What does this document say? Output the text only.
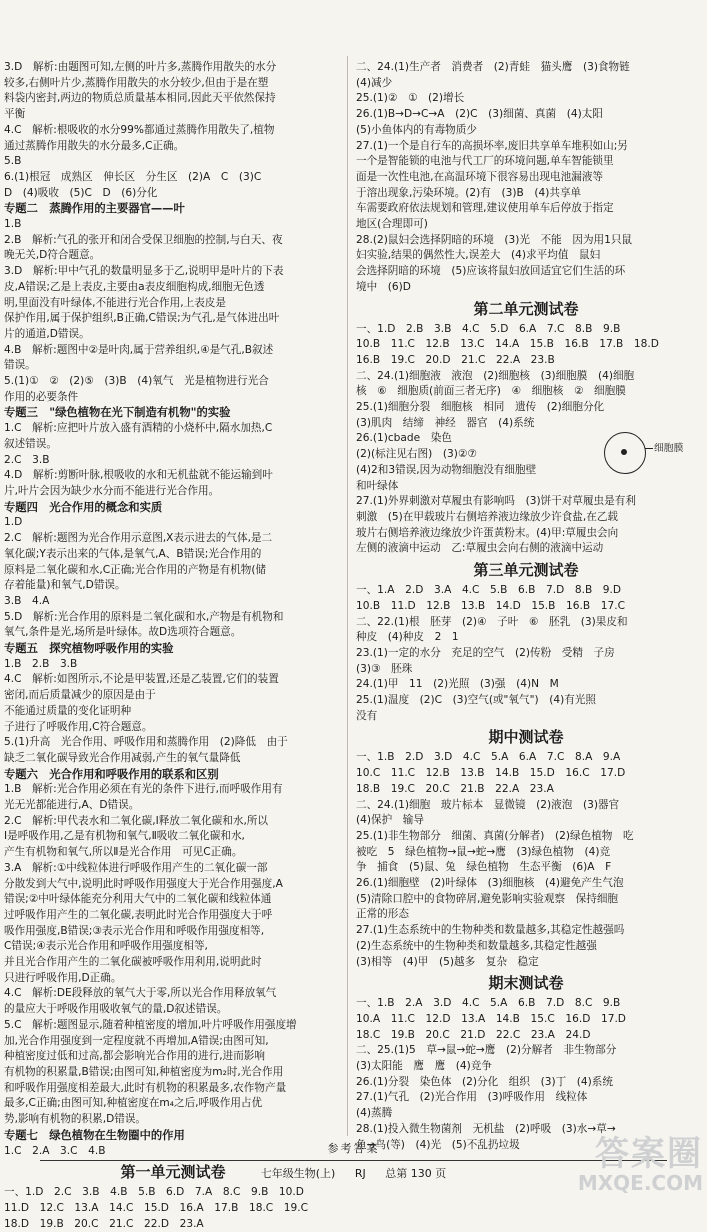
3.D　解析:由题图可知,左侧的叶片多,蒸腾作用散失的水分
较多,右侧叶片少,蒸腾作用散失的水分较少,但由于是在塑
料袋内密封,两边的物质总质量基本相同,因此天平依然保持
平衡
4.C　解析:根吸收的水分99%都通过蒸腾作用散失了,植物
通过蒸腾作用散失的水分最多,C正确。
5.B
6.(1)根冠　成熟区　伸长区　分生区　(2)A　C　(3)C
D　(4)吸收　(5)C　D　(6)分化
专题二　蒸腾作用的主要器官——叶
1.B
2.B　解析:气孔的张开和闭合受保卫细胞的控制,与白天、夜
晚无关,D符合题意。
3.D　解析:甲中气孔的数量明显多于乙,说明甲是叶片的下表
皮,A错误;乙是上表皮,主要由a表皮细胞构成,细胞无色透
明,里面没有叶绿体,不能进行光合作用,上表皮是
保护作用,属于保护组织,B正确,C错误;为气孔,是气体进出叶
片的通道,D错误。
4.B　解析:题图中②是叶肉,属于营养组织,④是气孔,B叙述
错误。
5.(1)①　②　(2)⑤　(3)B　(4)氧气　光是植物进行光合
作用的必要条件
专题三　"绿色植物在光下制造有机物"的实验
1.C　解析:应把叶片放入盛有酒精的小烧杯中,隔水加热,C
叙述错误。
2.C　3.B
4.D　解析:剪断叶脉,根吸收的水和无机盐就不能运输到叶
片,叶片会因为缺少水分而不能进行光合作用。
专题四　光合作用的概念和实质
1.D
2.C　解析:题图为光合作用示意图,X表示进去的气体,是二
氧化碳;Y表示出来的气体,是氧气,A、B错误;光合作用的
原料是二氧化碳和水,C正确;光合作用的产物是有机物(储
存着能量)和氧气,D错误。
3.B　4.A
5.D　解析:光合作用的原料是二氧化碳和水,产物是有机物和
氧气,条件是光,场所是叶绿体。故D选项符合题意。
专题五　探究植物呼吸作用的实验
1.B　2.B　3.B
4.C　解析:如图所示,不论是甲装置,还是乙装置,它们的装置
密闭,而后质量减少的原因是由于
不能通过质量的变化证明种
子进行了呼吸作用,C符合题意。
5.(1)升高　光合作用、呼吸作用和蒸腾作用　(2)降低　由于
缺乏二氧化碳导致光合作用减弱,产生的氧气量降低
专题六　光合作用和呼吸作用的联系和区别
1.B　解析:光合作用必须在有光的条件下进行,而呼吸作用有
光无光都能进行,A、D错误。
2.C　解析:甲代表水和二氧化碳,Ⅰ释放二氧化碳和水,所以
Ⅰ是呼吸作用,乙是有机物和氧气,Ⅱ吸收二氧化碳和水,
产生有机物和氧气,所以Ⅱ是光合作用　可见C正确。
3.A　解析:①中线粒体进行呼吸作用产生的二氧化碳一部
分散发到大气中,说明此时呼吸作用强度大于光合作用强度,A
错误;②中叶绿体能充分利用大气中的二氧化碳和线粒体通
过呼吸作用产生的二氧化碳,表明此时光合作用强度大于呼
吸作用强度,B错误;③表示光合作用和呼吸作用强度相等,
C错误;④表示光合作用和呼吸作用强度相等,
并且光合作用产生的二氧化碳被呼吸作用利用,说明此时
只进行呼吸作用,D正确。
4.C　解析:DE段释放的氧气大于零,所以光合作用释放氧气
的量应大于呼吸作用吸收氧气的量,D叙述错误。
5.C　解析:题图显示,随着种植密度的增加,叶片呼吸作用强度增
加,光合作用强度到一定程度就不再增加,A错误;由图可知,
种植密度过低和过高,都会影响光合作用的进行,进而影响
有机物的积累量,B错误;由图可知,种植密度为m₂时,光合作用
和呼吸作用强度相差最大,此时有机物的积累最多,农作物产量
最多,C正确;由图可知,种植密度在m₄之后,呼吸作用占优
势,影响有机物的积累,D错误。
专题七　绿色植物在生物圈中的作用
1.C　2.A　3.C　4.B
第一单元测试卷
一、1.D　2.C　3.B　4.B　5.B　6.D　7.A　8.C　9.B　10.D
11.D　12.C　13.A　14.C　15.D　16.A　17.B　18.C　19.C　
18.D　19.B　20.C　21.C　22.D　23.A
二、24.(1)生产者　消费者　(2)青蛙　猫头鹰　(3)食物链
(4)减少
25.(1)②　①　(2)增长
26.(1)B→D→C→A　(2)C　(3)细菌、真菌　(4)太阳
(5)小鱼体内的有毒物质少
27.(1)一个是自行车的高损坏率,废旧共享单车堆积如山;另
一个是智能锁的电池与代工厂的环境问题,单车智能锁里
面是一次性电池,在高温环境下很容易出现电池漏液等
于溶出现象,污染环境。(2)有　(3)B　(4)共享单
车需要政府依法规划和管理,建议使用单车后停放于指定
地区(合理即可)
28.(2)鼠妇会选择阴暗的环境　(3)光　不能　因为用1只鼠
妇实验,结果的偶然性大,误差大　(4)求平均值　鼠妇
会选择阴暗的环境　(5)应该将鼠妇放回适宜它们生活的环
境中　(6)D
第二单元测试卷
一、1.D　2.B　3.B　4.C　5.D　6.A　7.C　8.B　9.B
10.B　11.C　12.B　13.C　14.A　15.B　16.B　17.B　18.D
16.B　19.C　20.D　21.C　22.A　23.B
二、24.(1)细胞液　液泡　(2)细胞核　(3)细胞膜　(4)细胞
核　⑥　细胞质(前面三者无序)　④　细胞核　②　细胞膜
25.(1)细胞分裂　细胞核　相同　遗传　(2)细胞分化
(3)肌肉　结缔　神经　器官　(4)系统
26.(1)cbade　染色
(2)(标注见右图)　(3)②⑦
(4)2和3错误,因为动物细胞没有细胞壁
和叶绿体
细胞膜
27.(1)外界刺激对草履虫有影响吗　(3)饼干对草履虫是有利
刺激　(5)在甲载玻片右侧培养液边缘放少许食盐,在乙载
玻片右侧培养液边缘放少许蛋黄粉末。(4)甲:草履虫会向
左侧的液滴中运动　乙:草履虫会向右侧的液滴中运动
第三单元测试卷
一、1.A　2.D　3.A　4.C　5.B　6.B　7.D　8.B　9.D
10.B　11.D　12.B　13.B　14.D　15.B　16.B　17.C
二、22.(1)根　胚芽　(2)④　子叶　⑥　胚乳　(3)果皮和
种皮　(4)种皮　2　1
23.(1)一定的水分　充足的空气　(2)传粉　受精　子房
(3)③　胚珠
24.(1)甲　11　(2)光照　(3)强　(4)N　M
25.(1)温度　(2)C　(3)空气(或"氧气")　(4)有光照
没有
期中测试卷
一、1.B　2.D　3.D　4.C　5.A　6.A　7.C　8.A　9.A
10.C　11.C　12.B　13.B　14.B　15.D　16.C　17.D
18.B　19.C　20.C　21.B　22.A　23.A
二、24.(1)细胞　玻片标本　显微镜　(2)液泡　(3)器官
(4)保护　输导
25.(1)非生物部分　细菌、真菌(分解者)　(2)绿色植物　吃
被吃　5　绿色植物→鼠→蛇→鹰　(3)绿色植物　(4)竞
争　捕食　(5)鼠、兔　绿色植物　生态平衡　(6)A　F
26.(1)细胞壁　(2)叶绿体　(3)细胞核　(4)避免产生气泡
(5)清除口腔中的食物碎屑,避免影响实验观察　保持细胞
正常的形态
27.(1)生态系统中的生物种类和数量越多,其稳定性越强吗
(2)生态系统中的生物种类和数量越多,其稳定性越强
(3)相等　(4)甲　(5)越多　复杂　稳定
期末测试卷
一、1.B　2.A　3.D　4.C　5.A　6.B　7.D　8.C　9.B
10.A　11.C　12.D　13.A　14.B　15.C　16.D　17.D
18.C　19.B　20.C　21.D　22.C　23.A　24.D
二、25.(1)5　草→鼠→蛇→鹰　(2)分解者　非生物部分
(3)太阳能　鹰　鹰　(4)竞争
26.(1)分裂　染色体　(2)分化　组织　(3)丁　(4)系统
27.(1)气孔　(2)光合作用　(3)呼吸作用　线粒体
(4)蒸腾
28.(1)投入微生物菌剂　无机盐　(2)呼吸　(3)水→草→
鱼→鸟(等)　(4)光　(5)不乱扔垃圾
参考答案
七年级生物(上) RJ 总第 130 页	答案圈
MXQE.COM
